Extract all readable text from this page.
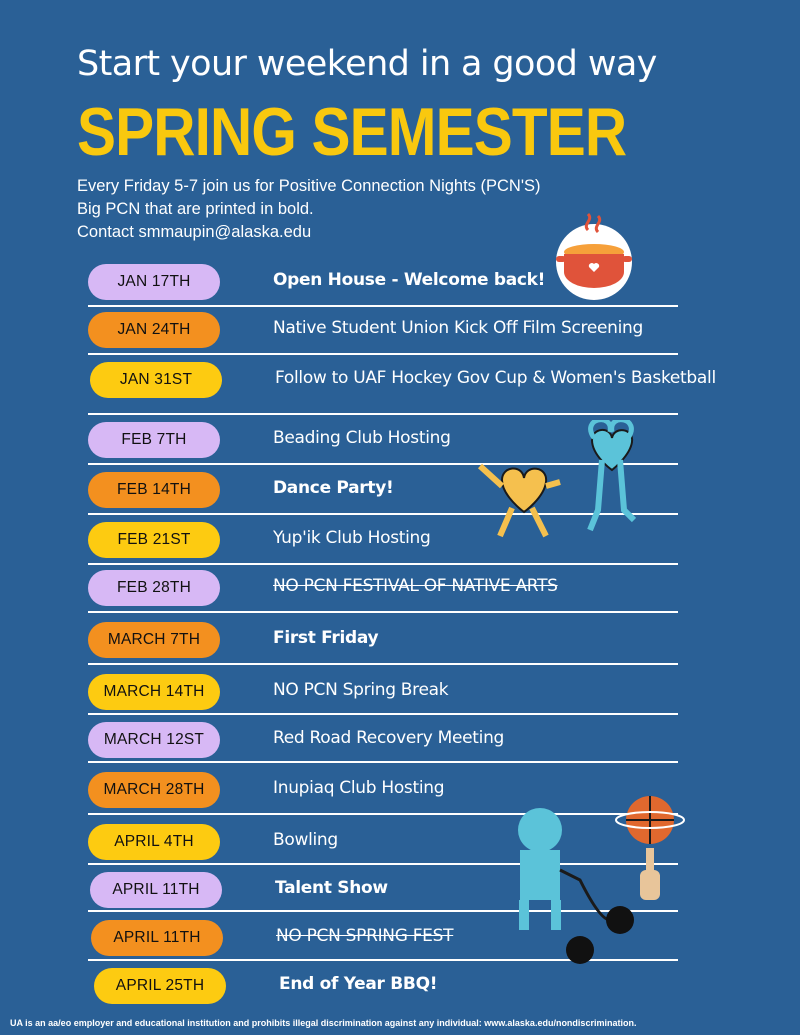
Start your weekend in a good way
SPRING SEMESTER
Every Friday 5-7 join us for Positive Connection Nights (PCN'S)
Big PCN that are printed in bold.
Contact smmaupin@alaska.edu
JAN 17TH	Open House - Welcome back!
JAN 24TH	Native Student Union Kick Off Film Screening
JAN 31ST	Follow to UAF Hockey Gov Cup & Women's Basketball
FEB 7TH	Beading Club Hosting
FEB 14TH	Dance Party!
FEB 21ST	Yup'ik Club Hosting
FEB 28TH	NO PCN FESTIVAL OF NATIVE ARTS
MARCH 7TH	First Friday
MARCH 14TH	NO PCN Spring Break
MARCH 12ST	Red Road Recovery Meeting
MARCH 28TH	Inupiaq Club Hosting
APRIL 4TH	Bowling
APRIL 11TH	Talent Show
APRIL 11TH	NO PCN SPRING FEST
APRIL 25TH	End of Year BBQ!
UA is an aa/eo employer and educational institution and prohibits illegal discrimination against any individual: www.alaska.edu/nondiscrimination.
